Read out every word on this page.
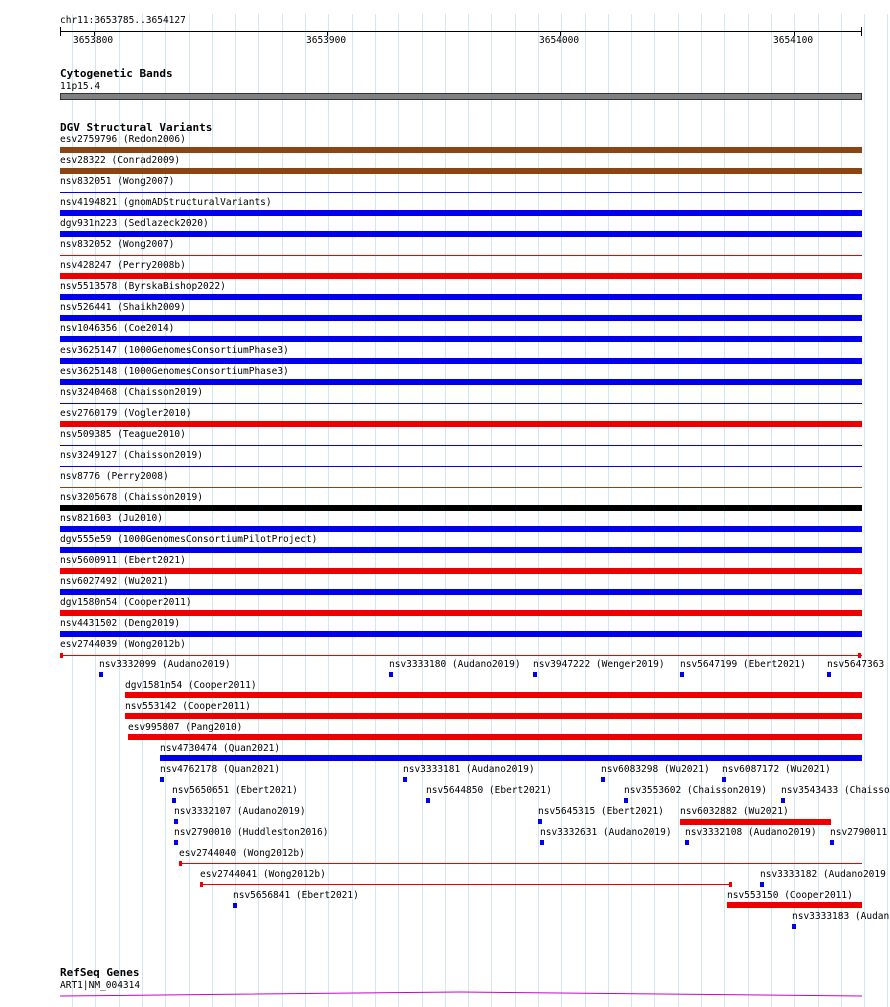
chr11:3653785..3654127
3653800	3653900	3654000	3654100
Cytogenetic Bands
11p15.4
DGV Structural Variants
esv2759796 (Redon2006)
esv28322 (Conrad2009)
nsv832051 (Wong2007)
nsv4194821 (gnomADStructuralVariants)
dgv931n223 (Sedlazeck2020)
nsv832052 (Wong2007)
nsv428247 (Perry2008b)
nsv5513578 (ByrskaBishop2022)
nsv526441 (Shaikh2009)
nsv1046356 (Coe2014)
esv3625147 (1000GenomesConsortiumPhase3)
esv3625148 (1000GenomesConsortiumPhase3)
nsv3240468 (Chaisson2019)
esv2760179 (Vogler2010)
nsv509385 (Teague2010)
nsv3249127 (Chaisson2019)
nsv8776 (Perry2008)
nsv3205678 (Chaisson2019)
nsv821603 (Ju2010)
dgv555e59 (1000GenomesConsortiumPilotProject)
nsv5600911 (Ebert2021)
nsv6027492 (Wu2021)
dgv1580n54 (Cooper2011)
nsv4431502 (Deng2019)
esv2744039 (Wong2012b)
nsv3332099 (Audano2019)	nsv3333180 (Audano2019) nsv3947222 (Wenger2019) nsv5647199 (Ebert2021) nsv5647363
dgv1581n54 (Cooper2011)
nsv553142 (Cooper2011)
esv995807 (Pang2010)
nsv4730474 (Quan2021)
nsv4762178 (Quan2021)	nsv3333181 (Audano2019)	nsv6083298 (Wu2021) nsv6087172 (Wu2021)
nsv5650651 (Ebert2021)	nsv5644850 (Ebert2021)	nsv3553602 (Chaisson2019) nsv3543433 (Chaisso
nsv3332107 (Audano2019)	nsv5645315 (Ebert2021) nsv6032882 (Wu2021)
nsv2790010 (Huddleston2016)	nsv3332631 (Audano2019) nsv3332108 (Audano2019) nsv2790011
esv2744040 (Wong2012b)
esv2744041 (Wong2012b)	nsv3333182 (Audano2019
nsv5656841 (Ebert2021)	nsv553150 (Cooper2011)
nsv3333183 (Audan
RefSeq Genes
ART1|NM_004314
